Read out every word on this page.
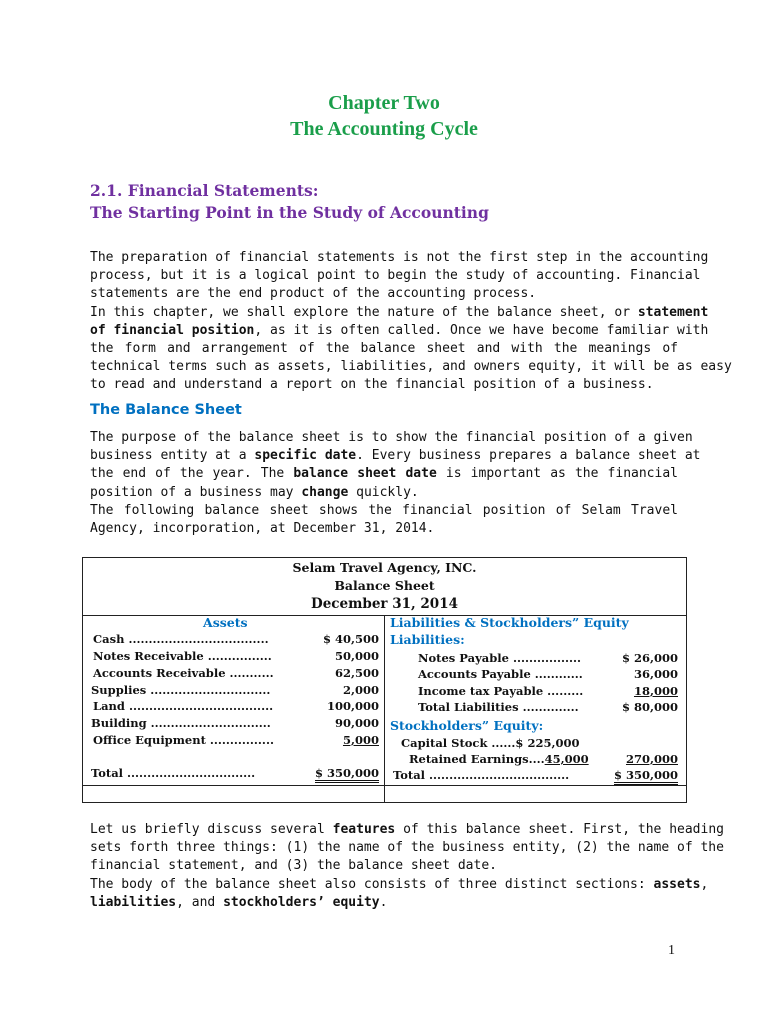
Chapter Two
The Accounting Cycle
2.1. Financial Statements:
The Starting Point in the Study of Accounting
The preparation of financial statements is not the first step in the accounting
process, but it is a logical point to begin the study of accounting. Financial
statements are the end product of the accounting process.
In this chapter, we shall explore the nature of the balance sheet, or statement
of financial position, as it is often called. Once we have become familiar with
the form and arrangement of the balance sheet and with the meanings of
technical terms such as assets, liabilities, and owners equity, it will be as easy
to read and understand a report on the financial position of a business.
The Balance Sheet
The purpose of the balance sheet is to show the financial position of a given
business entity at a specific date. Every business prepares a balance sheet at
the end of the year. The balance sheet date is important as the financial
position of a business may change quickly.
The following balance sheet shows the financial position of Selam Travel
Agency, incorporation, at December 31, 2014.
Selam Travel Agency, INC.
Balance Sheet
December 31, 2014
Assets	Liabilities & Stockholders” Equity
Cash ...................................	$ 40,500
Notes Receivable ................	50,000
Accounts Receivable ...........	62,500
Supplies ..............................	2,000
Land ....................................	100,000
Building ..............................	90,000
Office Equipment ................	5,000
Total ................................	$ 350,000
Liabilities:
Notes Payable .................	$ 26,000
Accounts Payable ............	36,000
Income tax Payable .........	18,000
Total Liabilities ..............	$ 80,000
Stockholders” Equity:
Capital Stock ......$ 225,000
Retained Earnings....45,000	270,000
Total ...................................	$ 350,000
Let us briefly discuss several features of this balance sheet. First, the heading
sets forth three things: (1) the name of the business entity, (2) the name of the
financial statement, and (3) the balance sheet date.
The body of the balance sheet also consists of three distinct sections: assets,
liabilities, and stockholders’ equity.
1
